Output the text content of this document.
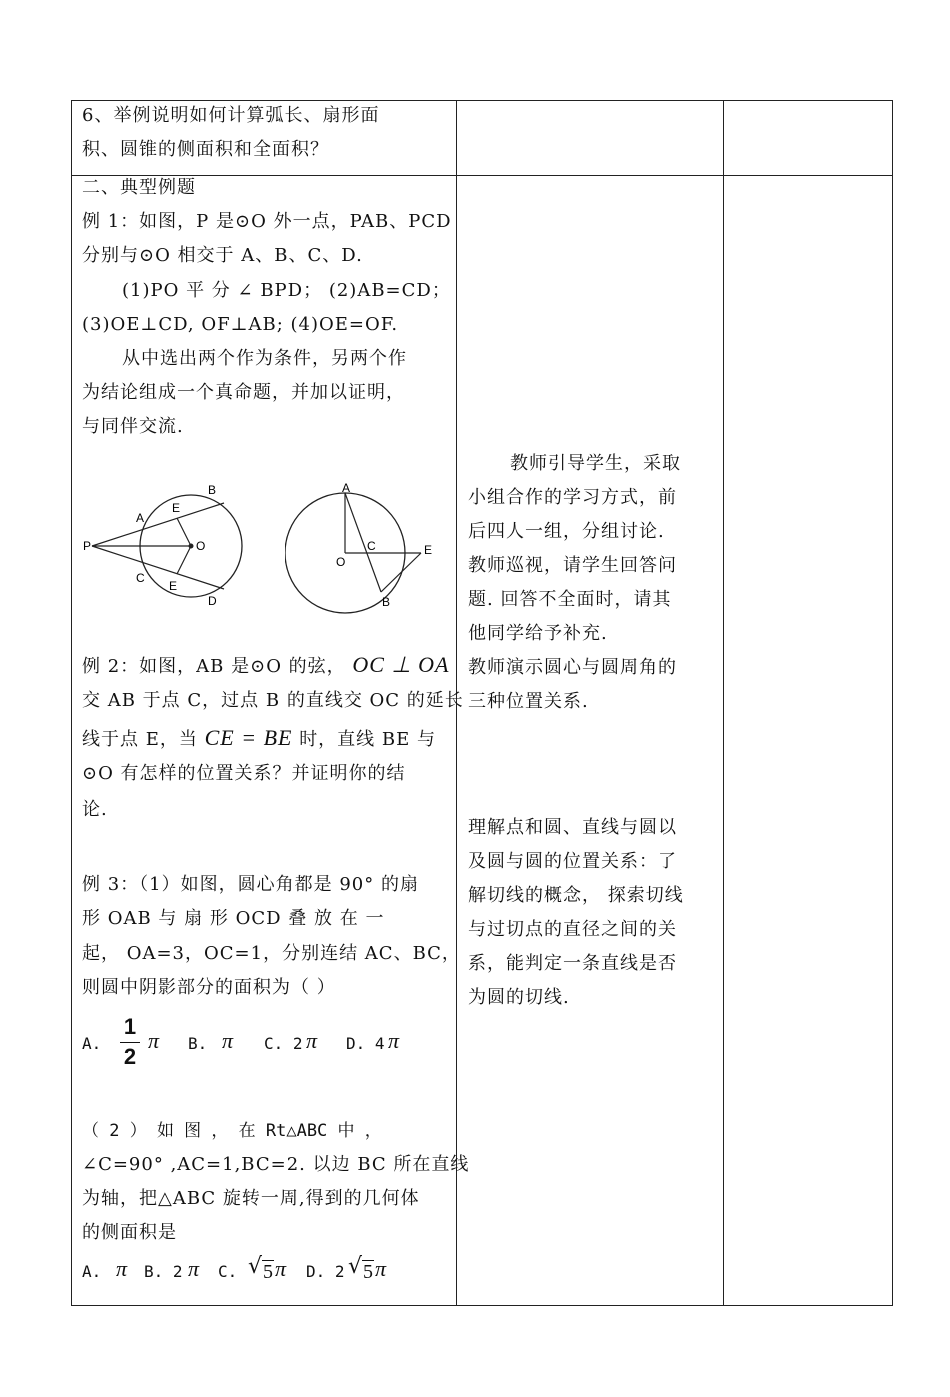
6、举例说明如何计算弧长、扇形面
积、圆锥的侧面积和全面积？
二、典型例题
例 1：如图，P 是⊙O 外一点，PAB、PCD
分别与⊙O 相交于 A、B、C、D.
(1)PO 平 分 ∠ BPD； (2)AB=CD；
(3)OE⊥CD, OF⊥AB; (4)OE=OF.
从中选出两个作为条件，另两个作
为结论组成一个真命题，并加以证明，
与同伴交流.
P
A
B
C
D
E
E
O
A
B
C	E
O
例 2：如图，AB 是⊙O 的弦， OC ⊥ OA
交 AB 于点 C，过点 B 的直线交 OC 的延长
线于点 E，当 CE = BE 时，直线 BE 与
⊙O 有怎样的位置关系？并证明你的结
论.
例 3：（1）如图，圆心角都是 90° 的扇
形 OAB 与 扇 形 OCD 叠 放 在 一
起， OA=3，OC=1，分别连结 AC、BC，
则圆中阴影部分的面积为（ ）
A.
1
2
π B. π C. 2 π D. 4 π
（ 2 ） 如 图 ， 在 Rt△ABC 中 ，
∠C=90° ,AC=1,BC=2. 以边 BC 所在直线
为轴，把△ABC 旋转一周,得到的几何体
的侧面积是
A. π B. 2 π C. √ 5 π D. 2 √ 5 π
教师引导学生，采取
小组合作的学习方式，前
后四人一组，分组讨论.
教师巡视，请学生回答问
题. 回答不全面时，请其
他同学给予补充.
教师演示圆心与圆周角的
三种位置关系.
理解点和圆、直线与圆以
及圆与圆的位置关系：了
解切线的概念， 探索切线
与过切点的直径之间的关
系，能判定一条直线是否
为圆的切线.
